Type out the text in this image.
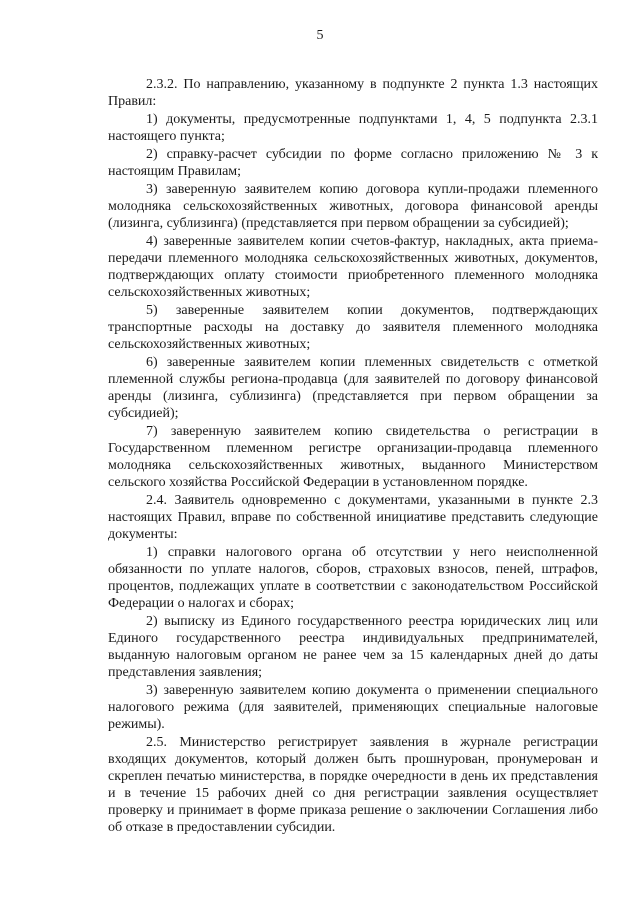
5

2.3.2. По направлению, указанному в подпункте 2 пункта 1.3 настоящих Правил:

1) документы, предусмотренные подпунктами 1, 4, 5 подпункта 2.3.1 настоящего пункта;

2) справку-расчет субсидии по форме согласно приложению № 3 к настоящим Правилам;

3) заверенную заявителем копию договора купли-продажи племенного молодняка сельскохозяйственных животных, договора финансовой аренды (лизинга, сублизинга) (представляется при первом обращении за субсидией);

4) заверенные заявителем копии счетов-фактур, накладных, акта приема-передачи племенного молодняка сельскохозяйственных животных, документов, подтверждающих оплату стоимости приобретенного племенного молодняка сельскохозяйственных животных;

5) заверенные заявителем копии документов, подтверждающих транспортные расходы на доставку до заявителя племенного молодняка сельскохозяйственных животных;

6) заверенные заявителем копии племенных свидетельств с отметкой племенной службы региона-продавца (для заявителей по договору финансовой аренды (лизинга, сублизинга) (представляется при первом обращении за субсидией);

7) заверенную заявителем копию свидетельства о регистрации в Государственном племенном регистре организации-продавца племенного молодняка сельскохозяйственных животных, выданного Министерством сельского хозяйства Российской Федерации в установленном порядке.

2.4. Заявитель одновременно с документами, указанными в пункте 2.3 настоящих Правил, вправе по собственной инициативе представить следующие документы:

1) справки налогового органа об отсутствии у него неисполненной обязанности по уплате налогов, сборов, страховых взносов, пеней, штрафов, процентов, подлежащих уплате в соответствии с законодательством Российской Федерации о налогах и сборах;

2) выписку из Единого государственного реестра юридических лиц или Единого государственного реестра индивидуальных предпринимателей, выданную налоговым органом не ранее чем за 15 календарных дней до даты представления заявления;

3) заверенную заявителем копию документа о применении специального налогового режима (для заявителей, применяющих специальные налоговые режимы).

2.5. Министерство регистрирует заявления в журнале регистрации входящих документов, который должен быть прошнурован, пронумерован и скреплен печатью министерства, в порядке очередности в день их представления и в течение 15 рабочих дней со дня регистрации заявления осуществляет проверку и принимает в форме приказа решение о заключении Соглашения либо об отказе в предоставлении субсидии.
